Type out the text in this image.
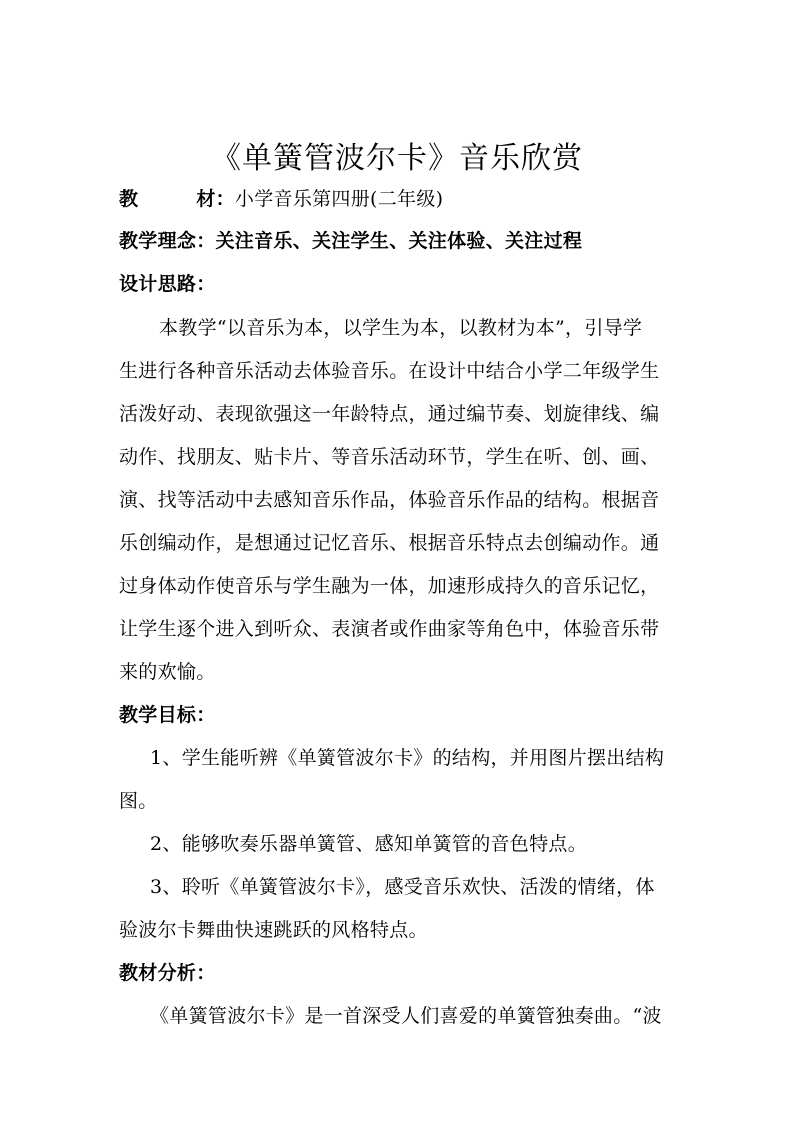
《单簧管波尔卡》音乐欣赏
教	材：小学音乐第四册(二年级)
教学理念：关注音乐、关注学生、关注体验、关注过程
设计思路：
本教学“以音乐为本，以学生为本，以教材为本”，引导学
生进行各种音乐活动去体验音乐。在设计中结合小学二年级学生
活泼好动、表现欲强这一年龄特点，通过编节奏、划旋律线、编
动作、找朋友、贴卡片、等音乐活动环节，学生在听、创、画、
演、找等活动中去感知音乐作品，体验音乐作品的结构。根据音
乐创编动作，是想通过记忆音乐、根据音乐特点去创编动作。通
过身体动作使音乐与学生融为一体，加速形成持久的音乐记忆，
让学生逐个进入到听众、表演者或作曲家等角色中，体验音乐带
来的欢愉。
教学目标：
1、学生能听辨《单簧管波尔卡》的结构，并用图片摆出结构
图。
2、能够吹奏乐器单簧管、感知单簧管的音色特点。
3、聆听《单簧管波尔卡》，感受音乐欢快、活泼的情绪，体
验波尔卡舞曲快速跳跃的风格特点。
教材分析：
《单簧管波尔卡》是一首深受人们喜爱的单簧管独奏曲。“波
